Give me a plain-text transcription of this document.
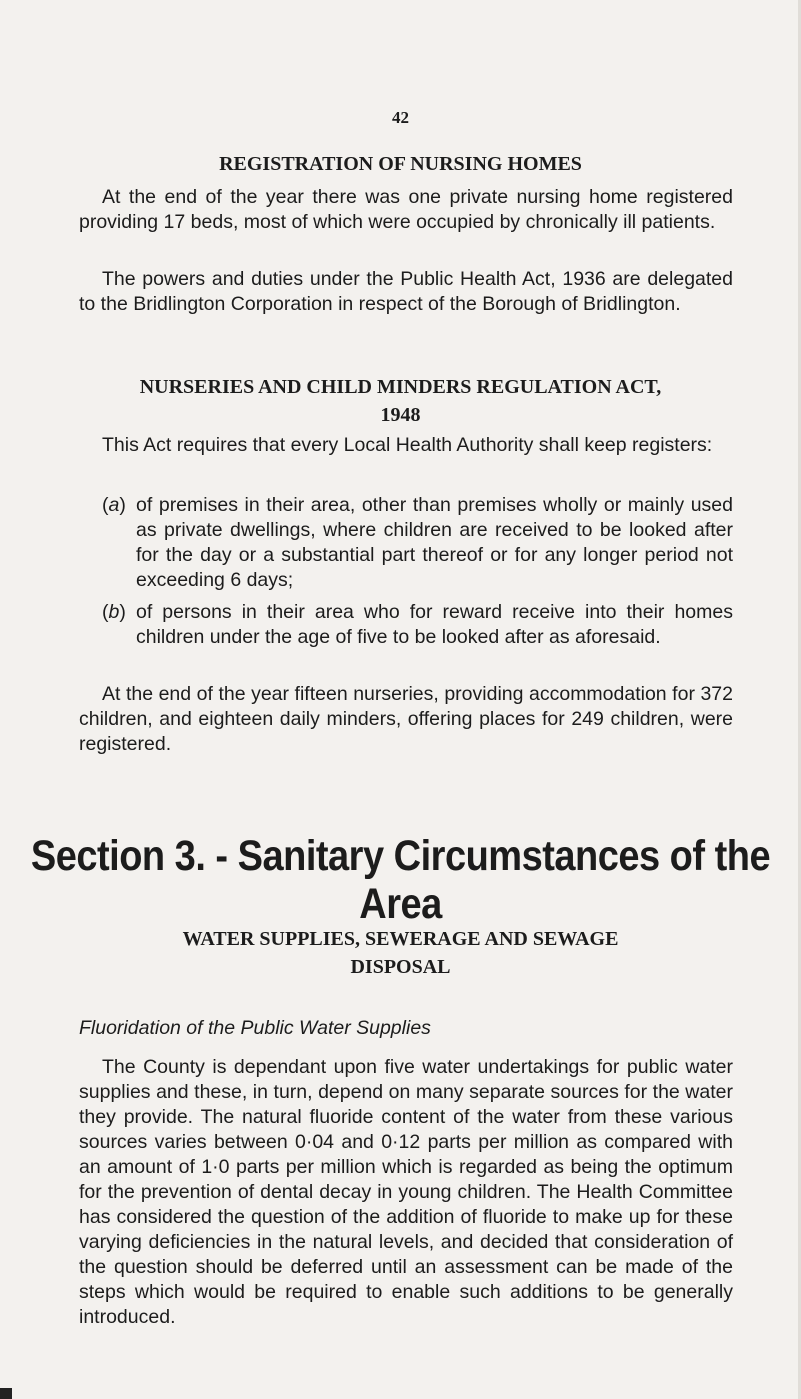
42
REGISTRATION OF NURSING HOMES

At the end of the year there was one private nursing home registered providing 17 beds, most of which were occupied by chronically ill patients.

The powers and duties under the Public Health Act, 1936 are delegated to the Bridlington Corporation in respect of the Borough of Bridlington.

NURSERIES AND CHILD MINDERS REGULATION ACT,
1948

This Act requires that every Local Health Authority shall keep registers:

(a) of premises in their area, other than premises wholly or mainly used as private dwellings, where children are received to be looked after for the day or a substantial part thereof or for any longer period not exceeding 6 days;
(b) of persons in their area who for reward receive into their homes children under the age of five to be looked after as aforesaid.

At the end of the year fifteen nurseries, providing accommodation for 372 children, and eighteen daily minders, offering places for 249 children, were registered.

Section 3. - Sanitary Circumstances of the Area
WATER SUPPLIES, SEWERAGE AND SEWAGE
DISPOSAL
Fluoridation of the Public Water Supplies

The County is dependant upon five water undertakings for public water supplies and these, in turn, depend on many separate sources for the water they provide. The natural fluoride content of the water from these various sources varies between 0·04 and 0·12 parts per million as compared with an amount of 1·0 parts per million which is regarded as being the optimum for the prevention of dental decay in young children. The Health Committee has considered the question of the addition of fluoride to make up for these varying deficiencies in the natural levels, and decided that consideration of the question should be deferred until an assessment can be made of the steps which would be required to enable such additions to be generally introduced.
